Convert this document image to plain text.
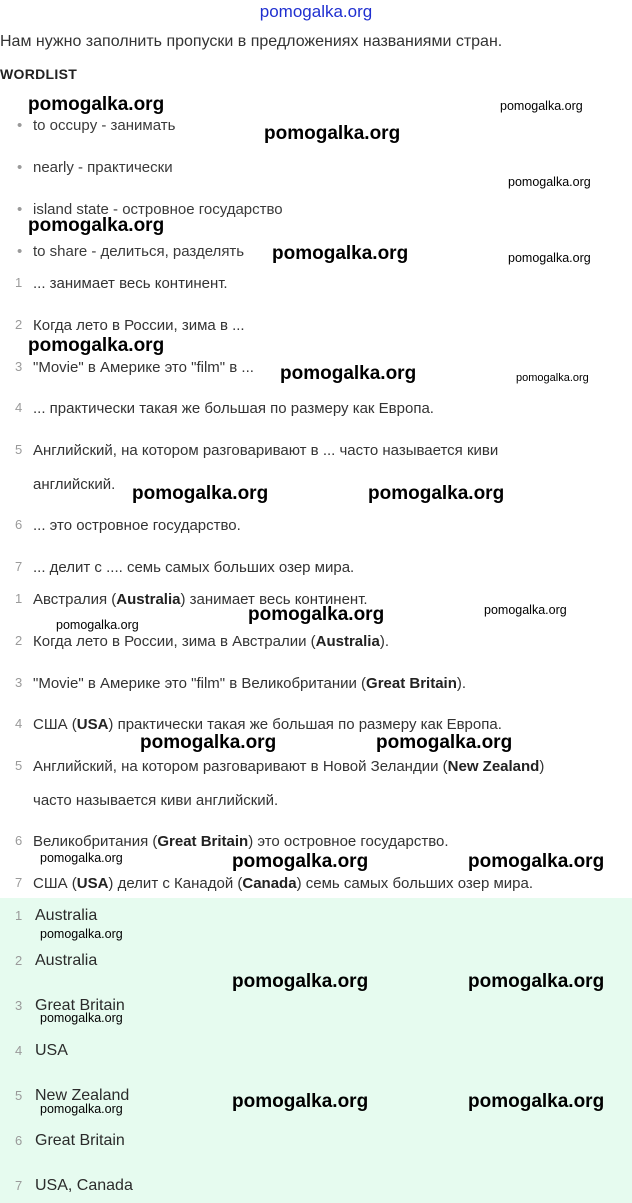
pomogalka.org
Нам нужно заполнить пропуски в предложениях названиями стран.
WORDLIST
• to occupy - занимать
• nearly - практически
• island state - островное государство
• to share - делиться, разделять
1 ... занимает весь континент.
2 Когда лето в России, зима в ...
3 "Movie" в Америке это "film" в ...
4 ... практически такая же большая по размеру как Европа.
5 Английский, на котором разговаривают в ... часто называется киви
английский.
6 ... это островное государство.
7 ... делит с .... семь самых больших озер мира.
1 Австралия (Australia) занимает весь континент.
2 Когда лето в России, зима в Австралии (Australia).
3 "Movie" в Америке это "film" в Великобритании (Great Britain).
4 США (USA) практически такая же большая по размеру как Европа.
5 Английский, на котором разговаривают в Новой Зеландии (New Zealand)
часто называется киви английский.
6 Великобритания (Great Britain) это островное государство.
7 США (USA) делит с Канадой (Canada) семь самых больших озер мира.
1 Australia
2 Australia
3 Great Britain
4 USA
5 New Zealand
6 Great Britain
7 USA, Canada
pomogalka.org	pomogalka.org
pomogalka.org
pomogalka.org
pomogalka.org
pomogalka.org	pomogalka.org
pomogalka.org
pomogalka.org	pomogalka.org
pomogalka.org	pomogalka.org
pomogalka.org	pomogalka.org
pomogalka.org
pomogalka.org	pomogalka.org
pomogalka.org	pomogalka.org	pomogalka.org
pomogalka.org
pomogalka.org	pomogalka.org
pomogalka.org
pomogalka.org	pomogalka.org
pomogalka.org
